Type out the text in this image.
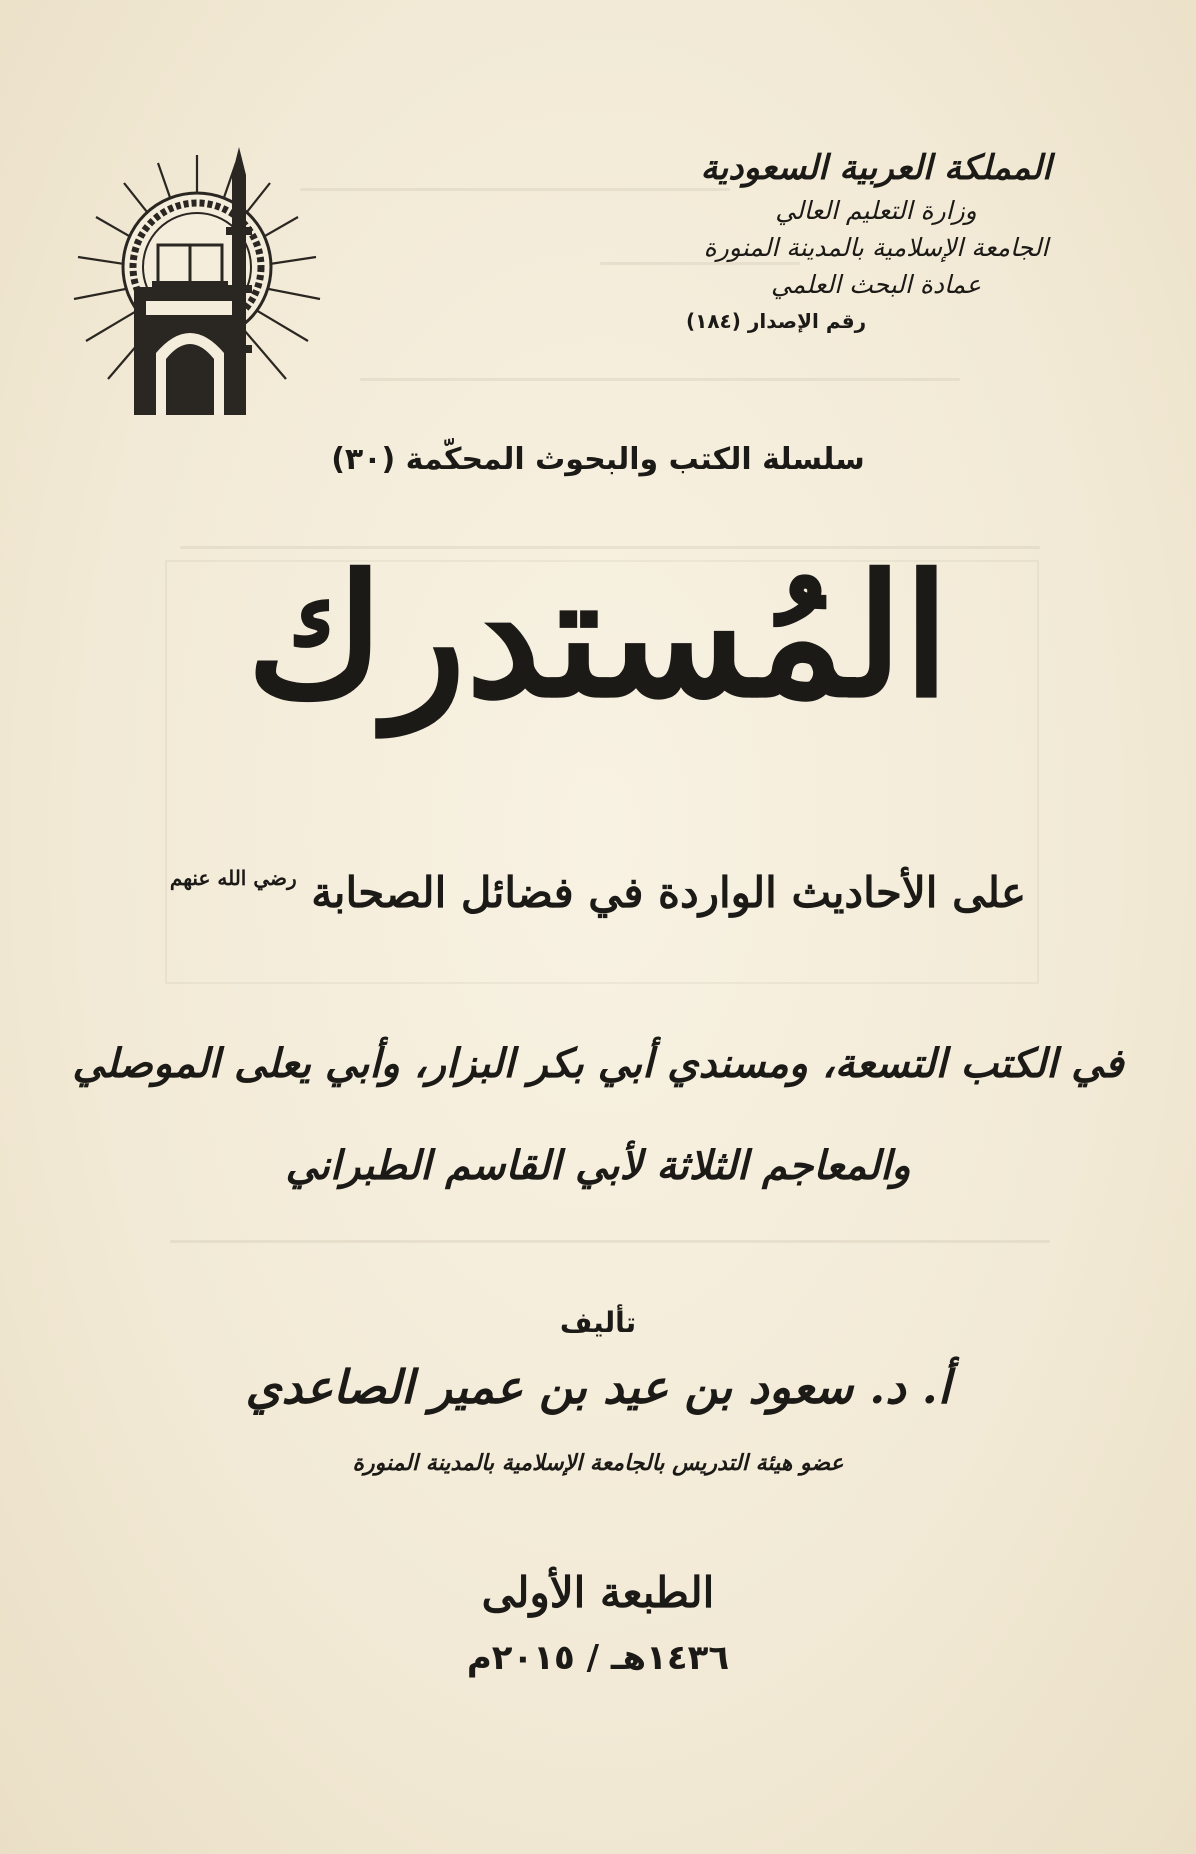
المملكة العربية السعودية
وزارة التعليم العالي
الجامعة الإسلامية بالمدينة المنورة
عمادة البحث العلمي
رقم الإصدار (١٨٤)
سلسلة الكتب والبحوث المحكّمة (٣٠)
المُستدرك
على الأحاديث الواردة في فضائل الصحابة $^{رضي الله عنهم}$
في الكتب التسعة، ومسندي أبي بكر البزار، وأبي يعلى الموصلي
والمعاجم الثلاثة لأبي القاسم الطبراني
تأليف
أ. د. سعود بن عيد بن عمير الصاعدي
عضو هيئة التدريس بالجامعة الإسلامية بالمدينة المنورة
الطبعة الأولى
١٤٣٦هـ / ٢٠١٥م
